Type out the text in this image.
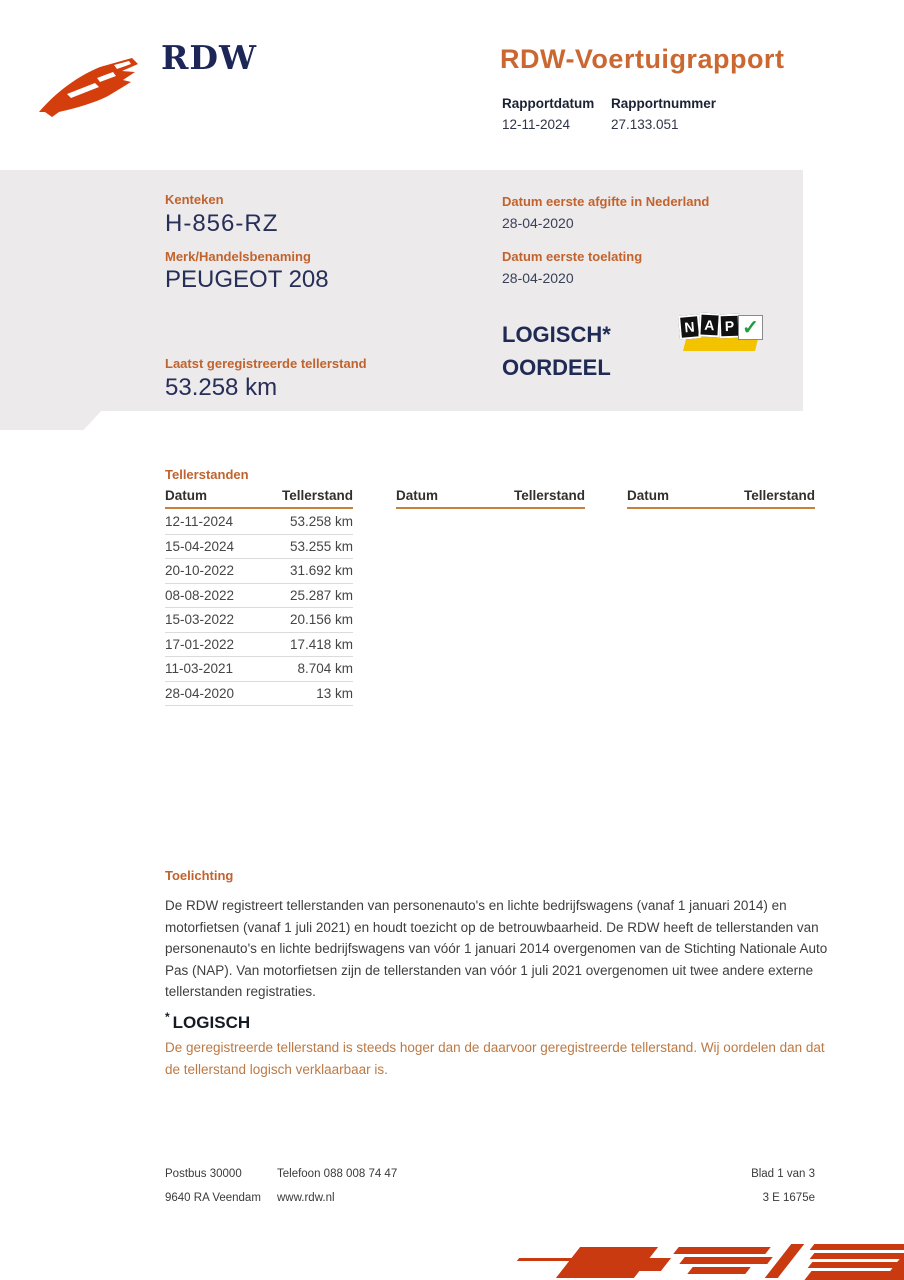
RDW	RDW-Voertuigrapport
Rapportdatum
12-11-2024
Rapportnummer
27.133.051
Kenteken
H-856-RZ
Merk/Handelsbenaming
PEUGEOT 208
Laatst geregistreerde tellerstand
53.258 km
Datum eerste afgifte in Nederland
28-04-2020
Datum eerste toelating
28-04-2020
LOGISCH*
OORDEEL
N A P ✓
Tellerstanden
Datum	Tellerstand
12-11-2024	53.258 km
15-04-2024	53.255 km
20-10-2022	31.692 km
08-08-2022	25.287 km
15-03-2022	20.156 km
17-01-2022	17.418 km
11-03-2021	8.704 km
28-04-2020	13 km
Datum	Tellerstand	Datum	Tellerstand
Toelichting
De RDW registreert tellerstanden van personenauto's en lichte bedrijfswagens (vanaf 1 januari 2014) en motorfietsen (vanaf 1 juli 2021) en houdt toezicht op de betrouwbaarheid. De RDW heeft de tellerstanden van personenauto's en lichte bedrijfswagens van vóór 1 januari 2014 overgenomen van de Stichting Nationale Auto Pas (NAP). Van motorfietsen zijn de tellerstanden van vóór 1 juli 2021 overgenomen uit twee andere externe tellerstanden registraties.
* LOGISCH
De geregistreerde tellerstand is steeds hoger dan de daarvoor geregistreerde tellerstand. Wij oordelen dan dat de tellerstand logisch verklaarbaar is.
Postbus 30000
9640 RA Veendam
Telefoon 088 008 74 47
www.rdw.nl
Blad 1 van 3
3 E 1675e
